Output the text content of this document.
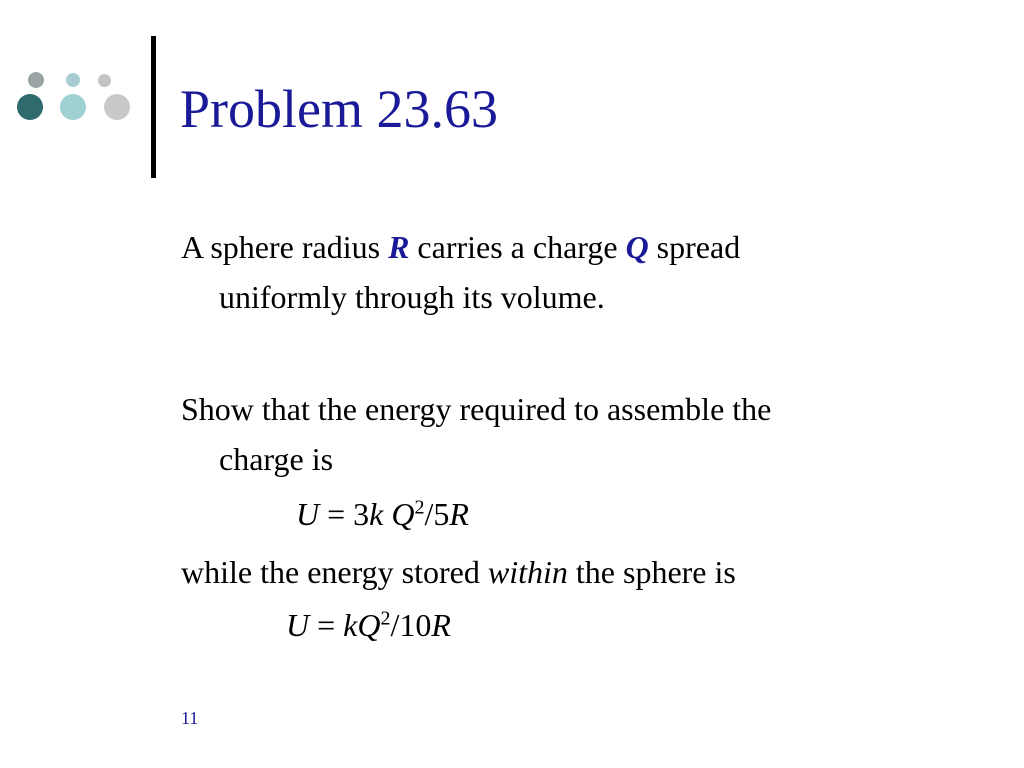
Problem 23.63
A sphere radius R carries a charge Q spread
uniformly through its volume.
Show that the energy required to assemble the
charge is
U = 3k $Q^2/5R$
while the energy stored within the sphere is
$U = kQ^2/10R$
11
